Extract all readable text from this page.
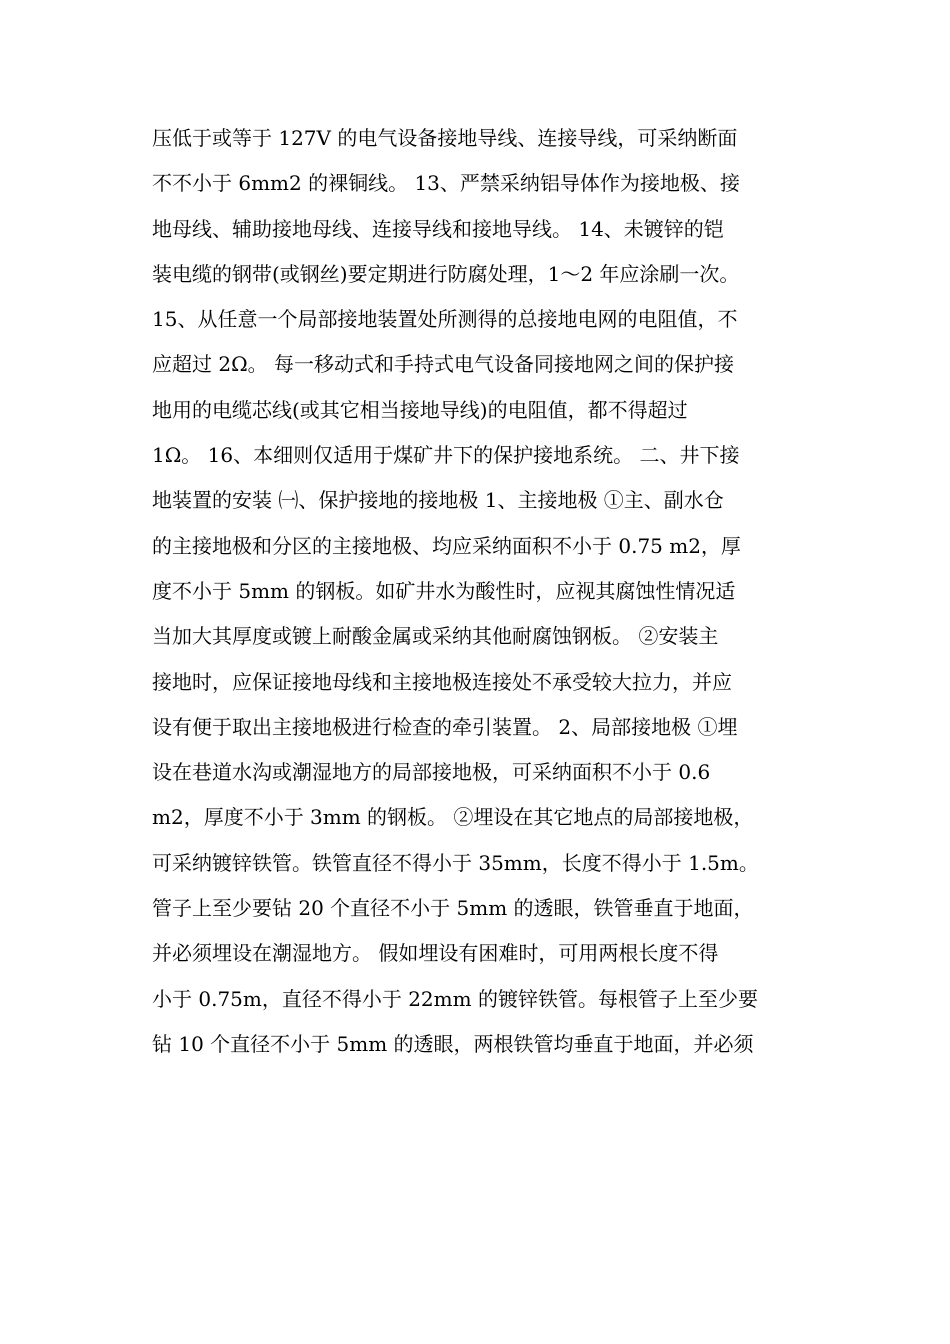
压低于或等于 127V 的电气设备接地导线、连接导线，可采纳断面
不不小于 6mm2 的裸铜线。 13、严禁采纳铝导体作为接地极、接
地母线、辅助接地母线、连接导线和接地导线。 14、未镀锌的铠
装电缆的钢带(或钢丝)要定期进行防腐处理，1～2 年应涂刷一次。
15、从任意一个局部接地装置处所测得的总接地电网的电阻值，不
应超过 2Ω。 每一移动式和手持式电气设备同接地网之间的保护接
地用的电缆芯线(或其它相当接地导线)的电阻值，都不得超过
1Ω。 16、本细则仅适用于煤矿井下的保护接地系统。 二、井下接
地装置的安装 ㈠、保护接地的接地极 1、主接地极 ①主、副水仓
的主接地极和分区的主接地极、均应采纳面积不小于 0.75 m2，厚
度不小于 5mm 的钢板。如矿井水为酸性时，应视其腐蚀性情况适
当加大其厚度或镀上耐酸金属或采纳其他耐腐蚀钢板。 ②安装主
接地时，应保证接地母线和主接地极连接处不承受较大拉力，并应
设有便于取出主接地极进行检查的牵引装置。 2、局部接地极 ①埋
设在巷道水沟或潮湿地方的局部接地极，可采纳面积不小于 0.6
m2，厚度不小于 3mm 的钢板。 ②埋设在其它地点的局部接地极，
可采纳镀锌铁管。铁管直径不得小于 35mm，长度不得小于 1.5m。
管子上至少要钻 20 个直径不小于 5mm 的透眼，铁管垂直于地面，
并必须埋设在潮湿地方。 假如埋设有困难时，可用两根长度不得
小于 0.75m，直径不得小于 22mm 的镀锌铁管。每根管子上至少要
钻 10 个直径不小于 5mm 的透眼，两根铁管均垂直于地面，并必须
